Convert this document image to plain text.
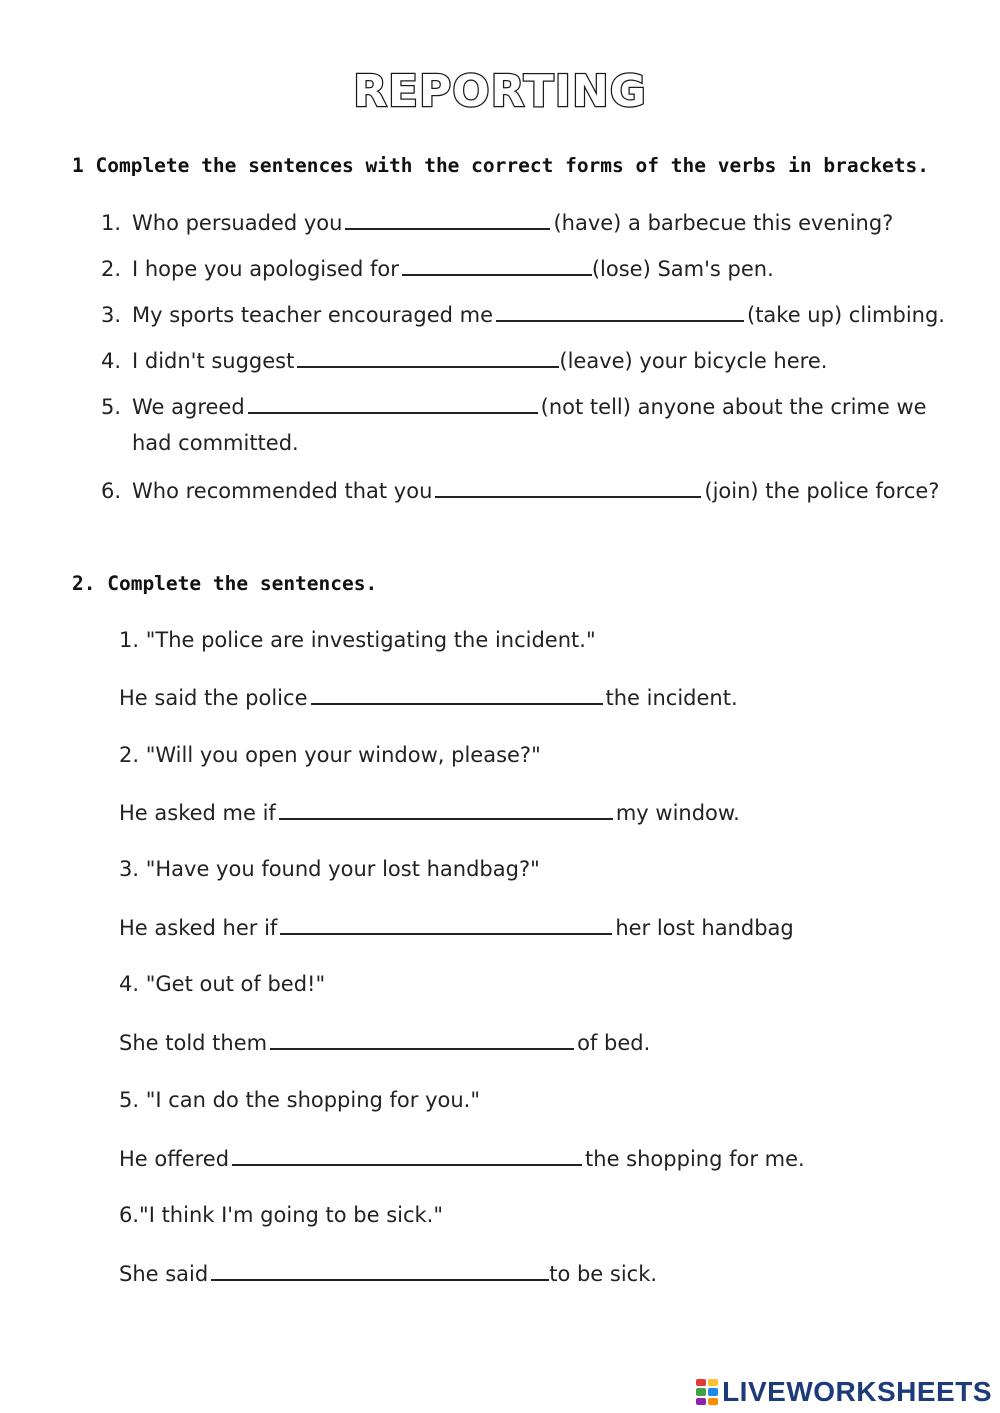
REPORTING
1 Complete the sentences with the correct forms of the verbs in brackets.
1. Who persuaded you	(have) a barbecue this evening?
2. I hope you apologised for	(lose) Sam's pen.
3. My sports teacher encouraged me	(take up) climbing.
4. I didn't suggest	(leave) your bicycle here.
5. We agreed	(not tell) anyone about the crime we
had committed.
6. Who recommended that you	(join) the police force?
2. Complete the sentences.
1. "The police are investigating the incident."
He said the police	the incident.
2. "Will you open your window, please?"
He asked me if	my window.
3. "Have you found your lost handbag?"
He asked her if	her lost handbag
4. "Get out of bed!"
She told them	of bed.
5. "I can do the shopping for you."
He offered	the shopping for me.
6."I think I'm going to be sick."
She said	to be sick.
LIVEWORKSHEETS
